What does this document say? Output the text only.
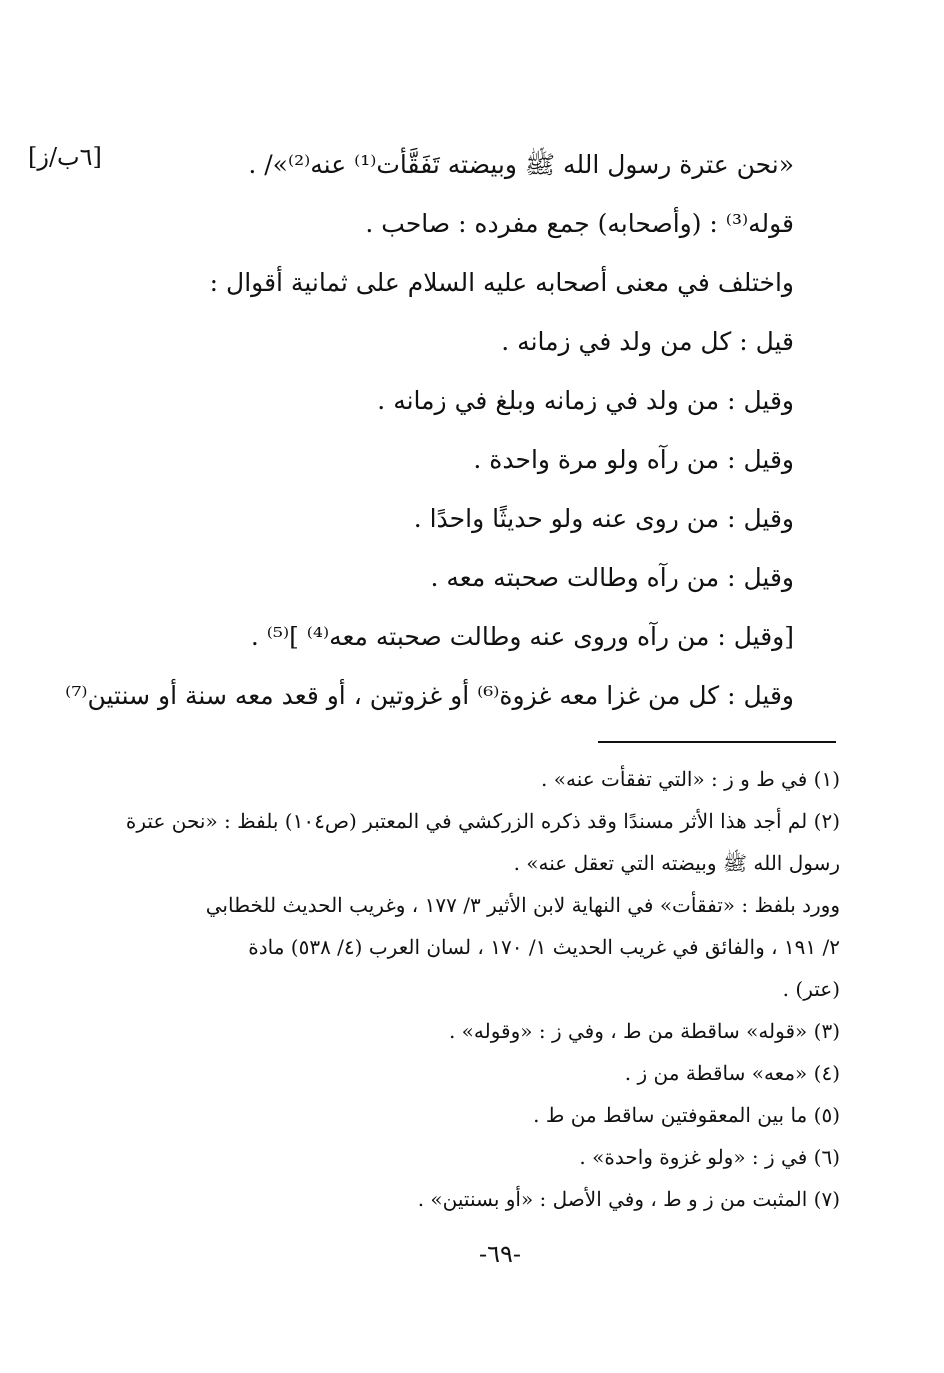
[٦ب/ز]	«نحن عترة رسول الله ﷺ وبيضته تَفَقَّأت⁽¹⁾ عنه⁽²⁾»/ .
قوله⁽³⁾ : (وأصحابه) جمع مفرده : صاحب .
واختلف في معنى أصحابه عليه السلام على ثمانية أقوال :
قيل : كل من ولد في زمانه .
وقيل : من ولد في زمانه وبلغ في زمانه .
وقيل : من رآه ولو مرة واحدة .
وقيل : من روى عنه ولو حديثًا واحدًا .
وقيل : من رآه وطالت صحبته معه .
[وقيل : من رآه وروى عنه وطالت صحبته معه⁽⁴⁾ ]⁽⁵⁾ .
وقيل : كل من غزا معه غزوة⁽⁶⁾ أو غزوتين ، أو قعد معه سنة أو سنتين⁽⁷⁾
(١) في ط و ز : «التي تفقأت عنه» .
(٢) لم أجد هذا الأثر مسندًا وقد ذكره الزركشي في المعتبر (ص١٠٤) بلفظ : «نحن عترة
رسول الله ﷺ وبيضته التي تعقل عنه» .
وورد بلفظ : «تفقأت» في النهاية لابن الأثير ٣/ ١٧٧ ، وغريب الحديث للخطابي
٢/ ١٩١ ، والفائق في غريب الحديث ١/ ١٧٠ ، لسان العرب (٤/ ٥٣٨) مادة
(عتر) .
(٣) «قوله» ساقطة من ط ، وفي ز : «وقوله» .
(٤) «معه» ساقطة من ز .
(٥) ما بين المعقوفتين ساقط من ط .
(٦) في ز : «ولو غزوة واحدة» .
(٧) المثبت من ز و ط ، وفي الأصل : «أو بسنتين» .
-٦٩-
